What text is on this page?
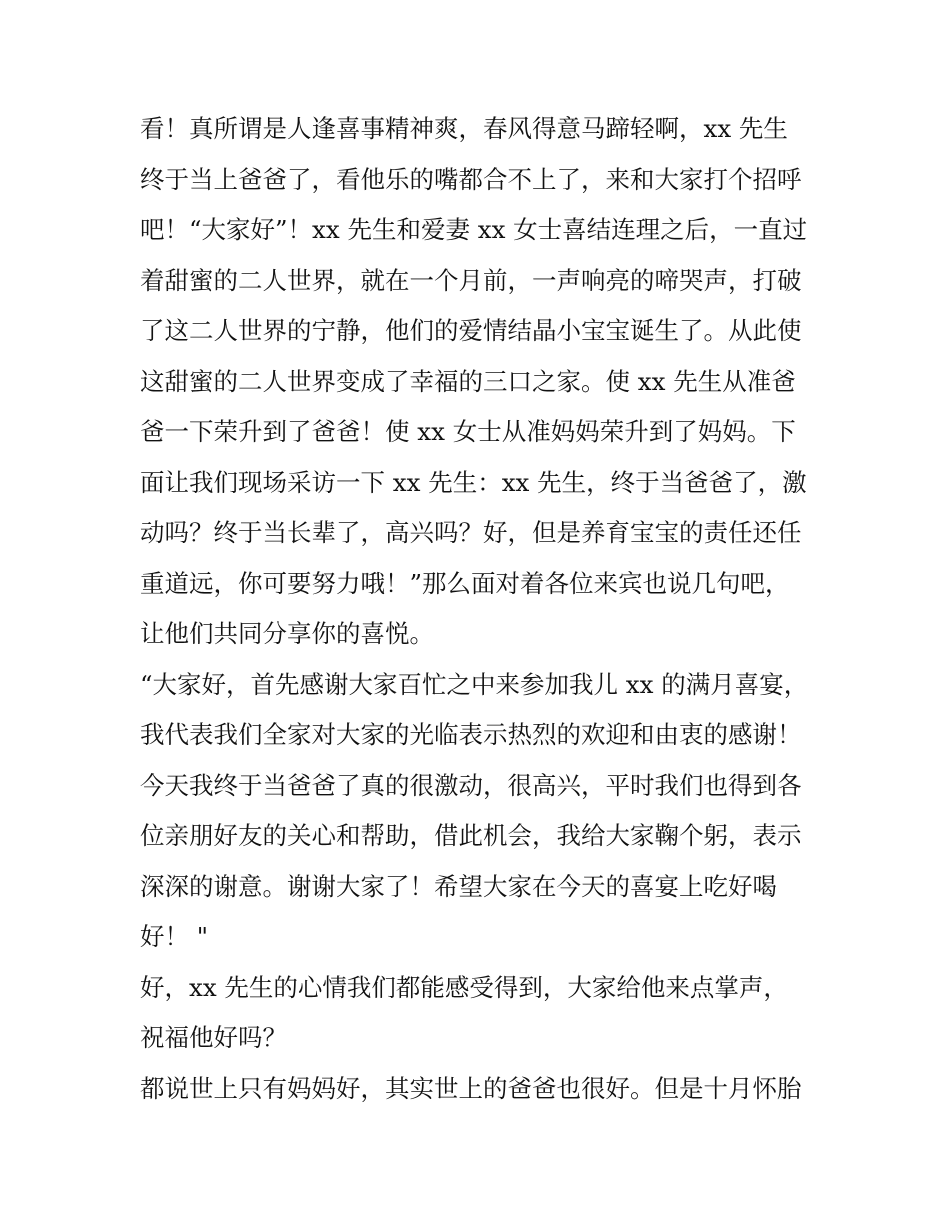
看！真所谓是人逢喜事精神爽，春风得意马蹄轻啊，xx 先生

终于当上爸爸了，看他乐的嘴都合不上了，来和大家打个招呼

吧！“大家好”！xx 先生和爱妻 xx 女士喜结连理之后，一直过

着甜蜜的二人世界，就在一个月前，一声响亮的啼哭声，打破

了这二人世界的宁静，他们的爱情结晶小宝宝诞生了。从此使

这甜蜜的二人世界变成了幸福的三口之家。使 xx 先生从准爸

爸一下荣升到了爸爸！使 xx 女士从准妈妈荣升到了妈妈。下

面让我们现场采访一下 xx 先生：xx 先生，终于当爸爸了，激

动吗？终于当长辈了，高兴吗？好，但是养育宝宝的责任还任

重道远，你可要努力哦！”那么面对着各位来宾也说几句吧，

让他们共同分享你的喜悦。

“大家好，首先感谢大家百忙之中来参加我儿 xx 的满月喜宴，

我代表我们全家对大家的光临表示热烈的欢迎和由衷的感谢！

今天我终于当爸爸了真的很激动，很高兴，平时我们也得到各

位亲朋好友的关心和帮助，借此机会，我给大家鞠个躬，表示

深深的谢意。谢谢大家了！希望大家在今天的喜宴上吃好喝

好！ "

好，xx 先生的心情我们都能感受得到，大家给他来点掌声，

祝福他好吗？

都说世上只有妈妈好，其实世上的爸爸也很好。但是十月怀胎
